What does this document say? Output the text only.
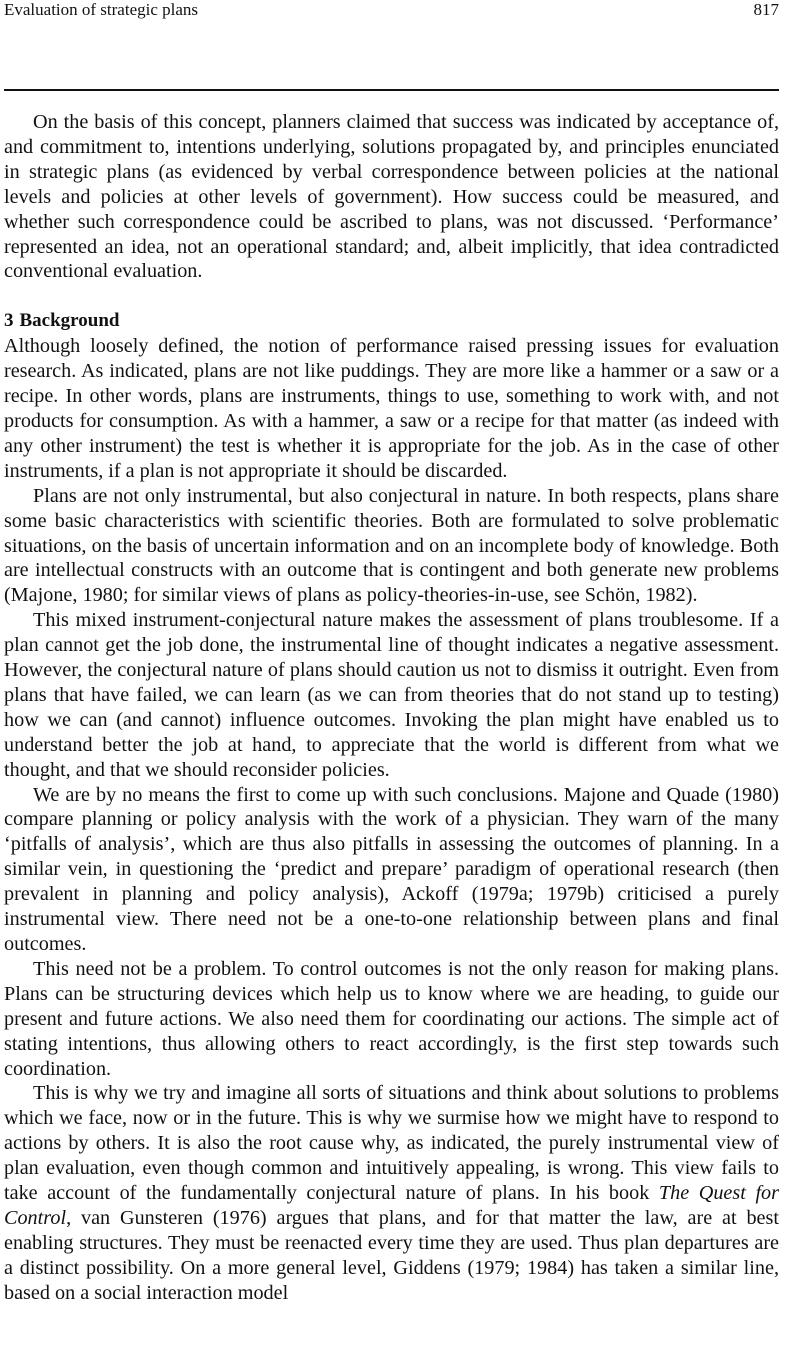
Evaluation of strategic plans	817

On the basis of this concept, planners claimed that success was indicated by acceptance of, and commitment to, intentions underlying, solutions propagated by, and principles enunciated in strategic plans (as evidenced by verbal correspondence between policies at the national levels and policies at other levels of government). How success could be measured, and whether such correspondence could be ascribed to plans, was not discussed. ‘Performance’ represented an idea, not an operational standard; and, albeit implicitly, that idea contradicted conventional evaluation.

3 Background

Although loosely defined, the notion of performance raised pressing issues for evaluation research. As indicated, plans are not like puddings. They are more like a hammer or a saw or a recipe. In other words, plans are instruments, things to use, something to work with, and not products for consumption. As with a hammer, a saw or a recipe for that matter (as indeed with any other instrument) the test is whether it is appropriate for the job. As in the case of other instruments, if a plan is not appropriate it should be discarded.

Plans are not only instrumental, but also conjectural in nature. In both respects, plans share some basic characteristics with scientific theories. Both are formulated to solve problematic situations, on the basis of uncertain information and on an incomplete body of knowledge. Both are intellectual constructs with an outcome that is contingent and both generate new problems (Majone, 1980; for similar views of plans as policy-theories-in-use, see Schön, 1982).

This mixed instrument-conjectural nature makes the assessment of plans troublesome. If a plan cannot get the job done, the instrumental line of thought indicates a negative assessment. However, the conjectural nature of plans should caution us not to dismiss it outright. Even from plans that have failed, we can learn (as we can from theories that do not stand up to testing) how we can (and cannot) influence outcomes. Invoking the plan might have enabled us to understand better the job at hand, to appreciate that the world is different from what we thought, and that we should reconsider policies.

We are by no means the first to come up with such conclusions. Majone and Quade (1980) compare planning or policy analysis with the work of a physician. They warn of the many ‘pitfalls of analysis’, which are thus also pitfalls in assessing the outcomes of planning. In a similar vein, in questioning the ‘predict and prepare’ paradigm of operational research (then prevalent in planning and policy analysis), Ackoff (1979a; 1979b) criticised a purely instrumental view. There need not be a one-to-one relationship between plans and final outcomes.

This need not be a problem. To control outcomes is not the only reason for making plans. Plans can be structuring devices which help us to know where we are heading, to guide our present and future actions. We also need them for coordinating our actions. The simple act of stating intentions, thus allowing others to react accordingly, is the first step towards such coordination.

This is why we try and imagine all sorts of situations and think about solutions to problems which we face, now or in the future. This is why we surmise how we might have to respond to actions by others. It is also the root cause why, as indicated, the purely instrumental view of plan evaluation, even though common and intuitively appealing, is wrong. This view fails to take account of the fundamentally conjectural nature of plans. In his book The Quest for Control, van Gunsteren (1976) argues that plans, and for that matter the law, are at best enabling structures. They must be reenacted every time they are used. Thus plan departures are a distinct possibility. On a more general level, Giddens (1979; 1984) has taken a similar line, based on a social interaction model
